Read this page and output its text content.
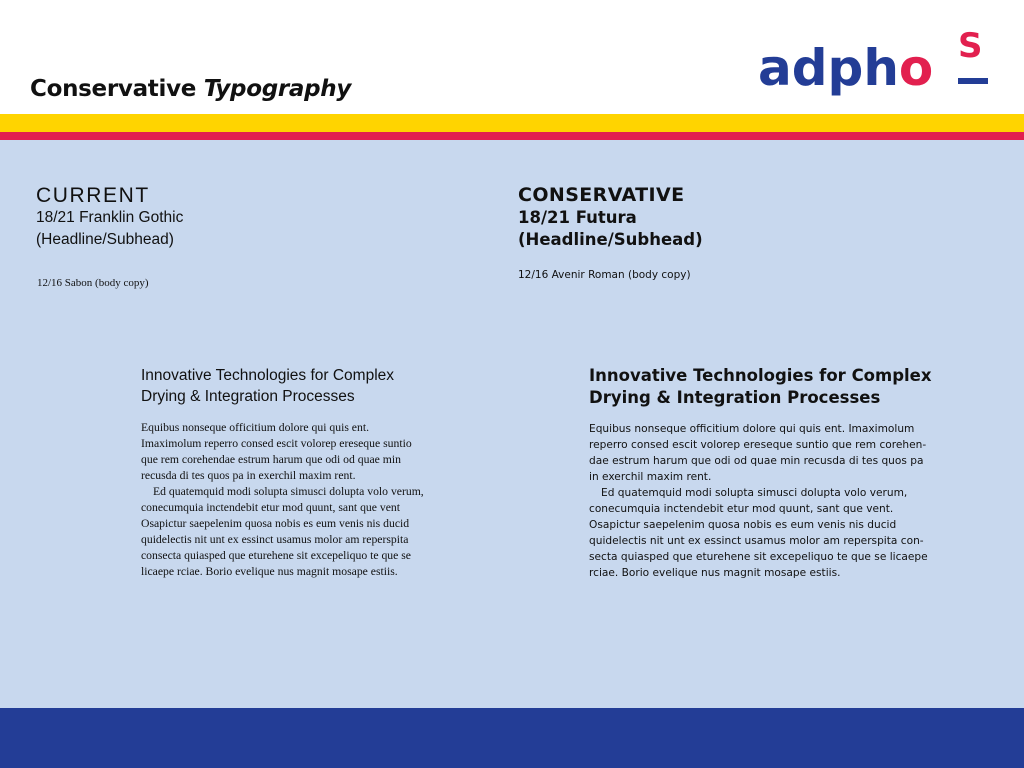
Conservative Typography	adpho S
CURRENT
18/21 Franklin Gothic
(Headline/Subhead)
12/16 Sabon (body copy)
Innovative Technologies for Complex
Drying & Integration Processes

Equibus nonseque officitium dolore qui quis ent.
Imaximolum reperro consed escit volorep ereseque suntio
que rem corehendae estrum harum que odi od quae min
recusda di tes quos pa in exerchil maxim rent.

Ed quatemquid modi solupta simusci dolupta volo verum,
conecumquia inctendebit etur mod quunt, sant que vent
Osapictur saepelenim quosa nobis es eum venis nis ducid
quidelectis nit unt ex essinct usamus molor am reperspita
consecta quiasped que eturehene sit excepeliquo te que se
licaepe rciae. Borio evelique nus magnit mosape estiis.

CONSERVATIVE
18/21 Futura
(Headline/Subhead)
12/16 Avenir Roman (body copy)
Innovative Technologies for Complex
Drying & Integration Processes

Equibus nonseque officitium dolore qui quis ent. Imaximolum
reperro consed escit volorep ereseque suntio que rem corehen-
dae estrum harum que odi od quae min recusda di tes quos pa
in exerchil maxim rent.

Ed quatemquid modi solupta simusci dolupta volo verum,
conecumquia inctendebit etur mod quunt, sant que vent.
Osapictur saepelenim quosa nobis es eum venis nis ducid
quidelectis nit unt ex essinct usamus molor am reperspita con-
secta quiasped que eturehene sit excepeliquo te que se licaepe
rciae. Borio evelique nus magnit mosape estiis.
